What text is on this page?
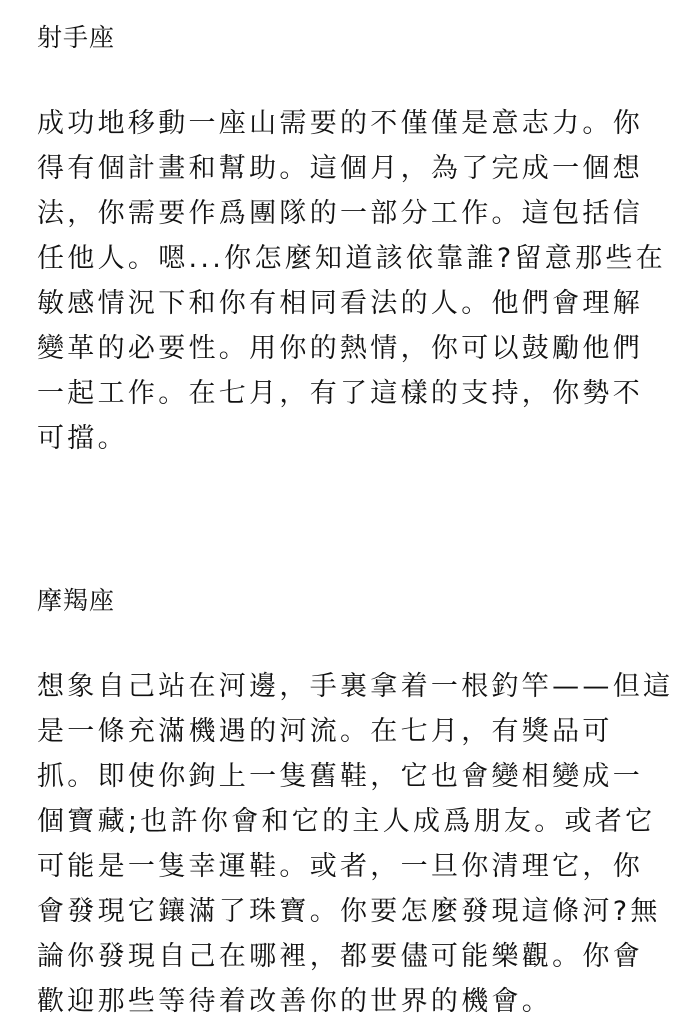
射手座
成功地移動一座山需要的不僅僅是意志力。你
得有個計畫和幫助。這個月，為了完成一個想
法，你需要作爲團隊的一部分工作。這包括信
任他人。嗯...你怎麼知道該依靠誰?留意那些在
敏感情況下和你有相同看法的人。他們會理解
變革的必要性。用你的熱情，你可以鼓勵他們
一起工作。在七月，有了這樣的支持，你勢不
可擋。
摩羯座
想象自己站在河邊，手裏拿着一根釣竿——但這
是一條充滿機遇的河流。在七月，有獎品可
抓。即使你鉤上一隻舊鞋，它也會變相變成一
個寶藏;也許你會和它的主人成爲朋友。或者它
可能是一隻幸運鞋。或者，一旦你清理它，你
會發現它鑲滿了珠寶。你要怎麼發現這條河?無
論你發現自己在哪裡，都要儘可能樂觀。你會
歡迎那些等待着改善你的世界的機會。
